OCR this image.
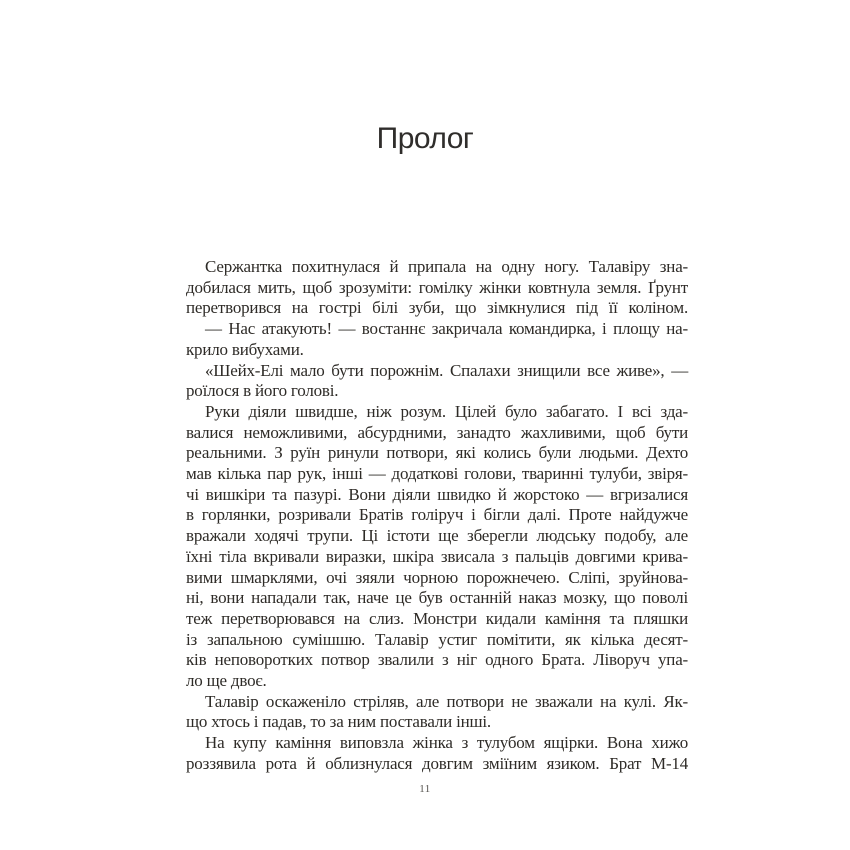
Пролог

Сержантка похитнулася й припала на одну ногу. Талавіру зна-
добилася мить, щоб зрозуміти: гомілку жінки ковтнула земля. Ґрунт
перетворився на гострі білі зуби, що зімкнулися під її коліном.

— Нас атакують! — востаннє закричала командирка, і площу на-
крило вибухами.

«Шейх-Елі мало бути порожнім. Спалахи знищили все живе», —
роїлося в його голові.

Руки діяли швидше, ніж розум. Цілей було забагато. І всі зда-
валися неможливими, абсурдними, занадто жахливими, щоб бути
реальними. З руїн ринули потвори, які колись були людьми. Дехто
мав кілька пар рук, інші — додаткові голови, тваринні тулуби, звіря-
чі вишкіри та пазурі. Вони діяли швидко й жорстоко — вгризалися
в горлянки, розривали Братів голіруч і бігли далі. Проте найдужче
вражали ходячі трупи. Ці істоти ще зберегли людську подобу, але
їхні тіла вкривали виразки, шкіра звисала з пальців довгими крива-
вими шмарклями, очі зяяли чорною порожнечею. Сліпі, зруйнова-
ні, вони нападали так, наче це був останній наказ мозку, що поволі
теж перетворювався на слиз. Монстри кидали каміння та пляшки
із запальною сумішшю. Талавір устиг помітити, як кілька десят-
ків неповоротких потвор звалили з ніг одного Брата. Ліворуч упа-
ло ще двоє.

Талавір оскаженіло стріляв, але потвори не зважали на кулі. Як-
що хтось і падав, то за ним поставали інші.

На купу каміння виповзла жінка з тулубом ящірки. Вона хижо
роззявила рота й облизнулася довгим зміїним язиком. Брат М-14

11
